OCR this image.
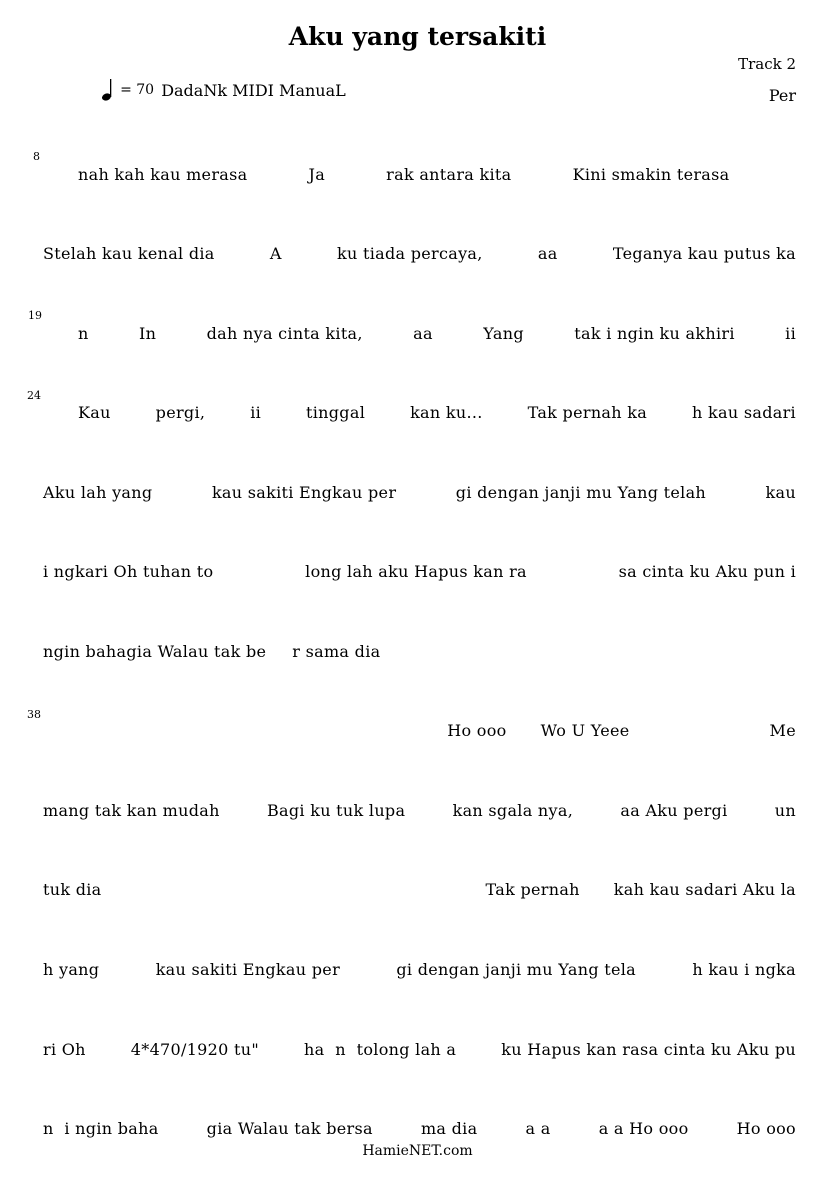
Aku yang tersakiti
Track 2
= 70 DadaNk MIDI ManuaL	Per
8
19
24
38
nah kah kau merasa	Ja	rak antara kita	Kini smakin terasa

Stelah kau kenal dia	A	ku tiada percaya,	aa	Teganya kau putus ka
n	In	dah nya cinta kita,	aa	Yang	tak i ngin ku akhiri	ii
Kau	pergi,	ii	tinggal	kan ku...	Tak pernah ka	h kau sadari
Aku lah yang	kau sakiti Engkau per	gi dengan janji mu Yang telah	kau
i ngkari Oh tuhan to	long lah aku Hapus kan ra	sa cinta ku Aku pun i
ngin bahagia Walau tak be r sama dia
Ho ooo Wo U Yeee	Me
mang tak kan mudah	Bagi ku tuk lupa	kan sgala nya,	aa Aku pergi	un
tuk dia	Tak pernah kah kau sadari Aku la
h yang	kau sakiti Engkau per	gi dengan janji mu Yang tela	h kau i ngka
ri Oh	4*470/1920 tu"	ha  n  tolong lah a	ku Hapus kan rasa cinta ku Aku pu
n  i ngin baha	gia Walau tak bersa	ma dia	a a	a a Ho ooo	Ho ooo
HamieNET.com
